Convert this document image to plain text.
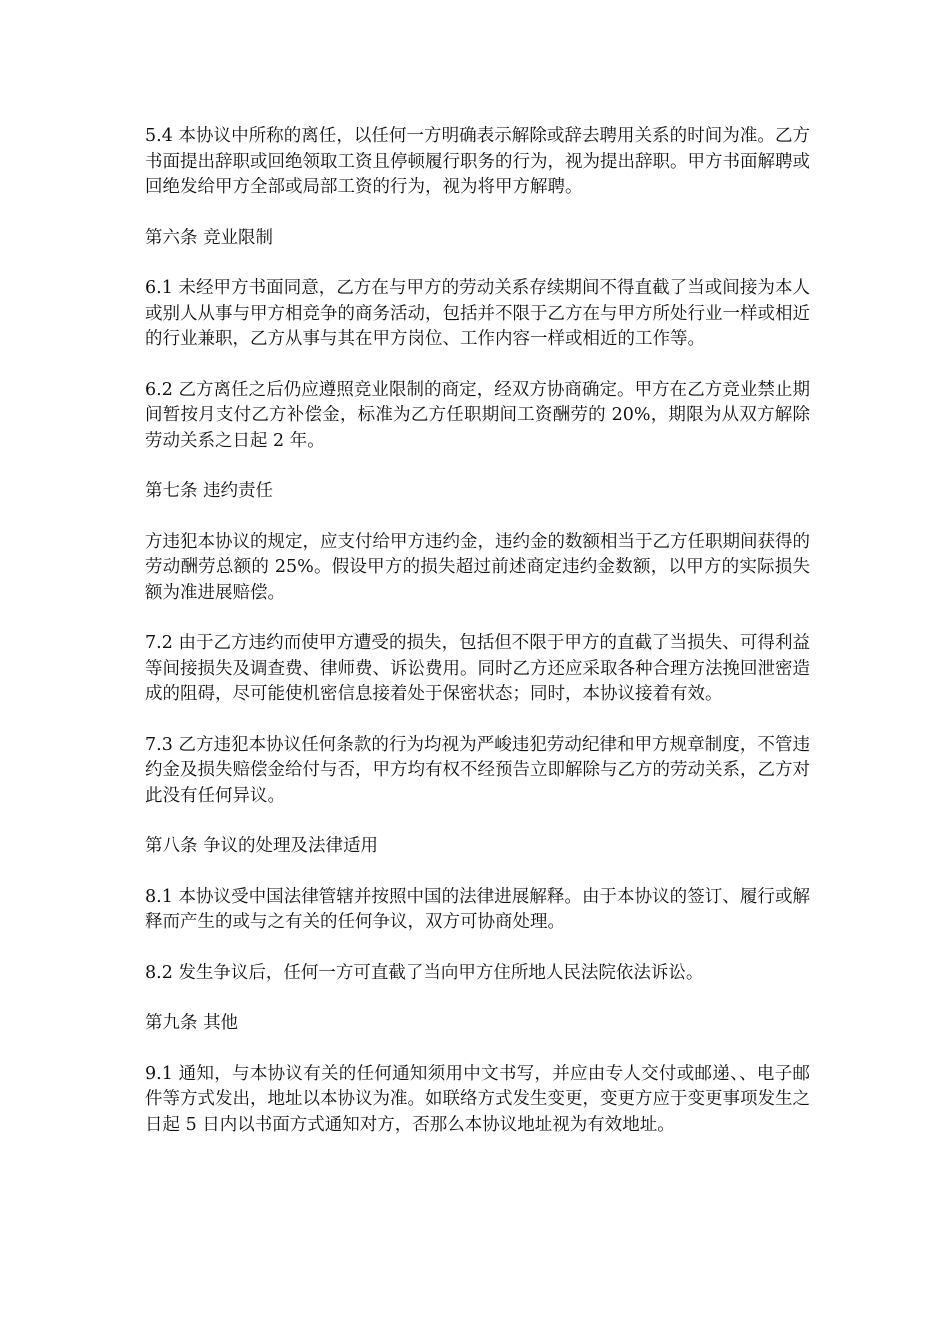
5.4 本协议中所称的离任，以任何一方明确表示解除或辞去聘用关系的时间为准。乙方书面提出辞职或回绝领取工资且停顿履行职务的行为，视为提出辞职。甲方书面解聘或回绝发给甲方全部或局部工资的行为，视为将甲方解聘。

第六条 竞业限制

6.1 未经甲方书面同意，乙方在与甲方的劳动关系存续期间不得直截了当或间接为本人或别人从事与甲方相竞争的商务活动，包括并不限于乙方在与甲方所处行业一样或相近的行业兼职，乙方从事与其在甲方岗位、工作内容一样或相近的工作等。

6.2 乙方离任之后仍应遵照竞业限制的商定，经双方协商确定。甲方在乙方竞业禁止期间暂按月支付乙方补偿金，标准为乙方任职期间工资酬劳的 20%，期限为从双方解除劳动关系之日起 2 年。

第七条 违约责任

方违犯本协议的规定，应支付给甲方违约金，违约金的数额相当于乙方任职期间获得的劳动酬劳总额的 25%。假设甲方的损失超过前述商定违约金数额，以甲方的实际损失额为准进展赔偿。

7.2 由于乙方违约而使甲方遭受的损失，包括但不限于甲方的直截了当损失、可得利益等间接损失及调查费、律师费、诉讼费用。同时乙方还应采取各种合理方法挽回泄密造成的阻碍，尽可能使机密信息接着处于保密状态；同时，本协议接着有效。

7.3 乙方违犯本协议任何条款的行为均视为严峻违犯劳动纪律和甲方规章制度，不管违约金及损失赔偿金给付与否，甲方均有权不经预告立即解除与乙方的劳动关系，乙方对此没有任何异议。

第八条 争议的处理及法律适用

8.1 本协议受中国法律管辖并按照中国的法律进展解释。由于本协议的签订、履行或解释而产生的或与之有关的任何争议，双方可协商处理。

8.2 发生争议后，任何一方可直截了当向甲方住所地人民法院依法诉讼。

第九条 其他

9.1 通知，与本协议有关的任何通知须用中文书写，并应由专人交付或邮递、、电子邮件等方式发出，地址以本协议为准。如联络方式发生变更，变更方应于变更事项发生之日起 5 日内以书面方式通知对方，否那么本协议地址视为有效地址。
